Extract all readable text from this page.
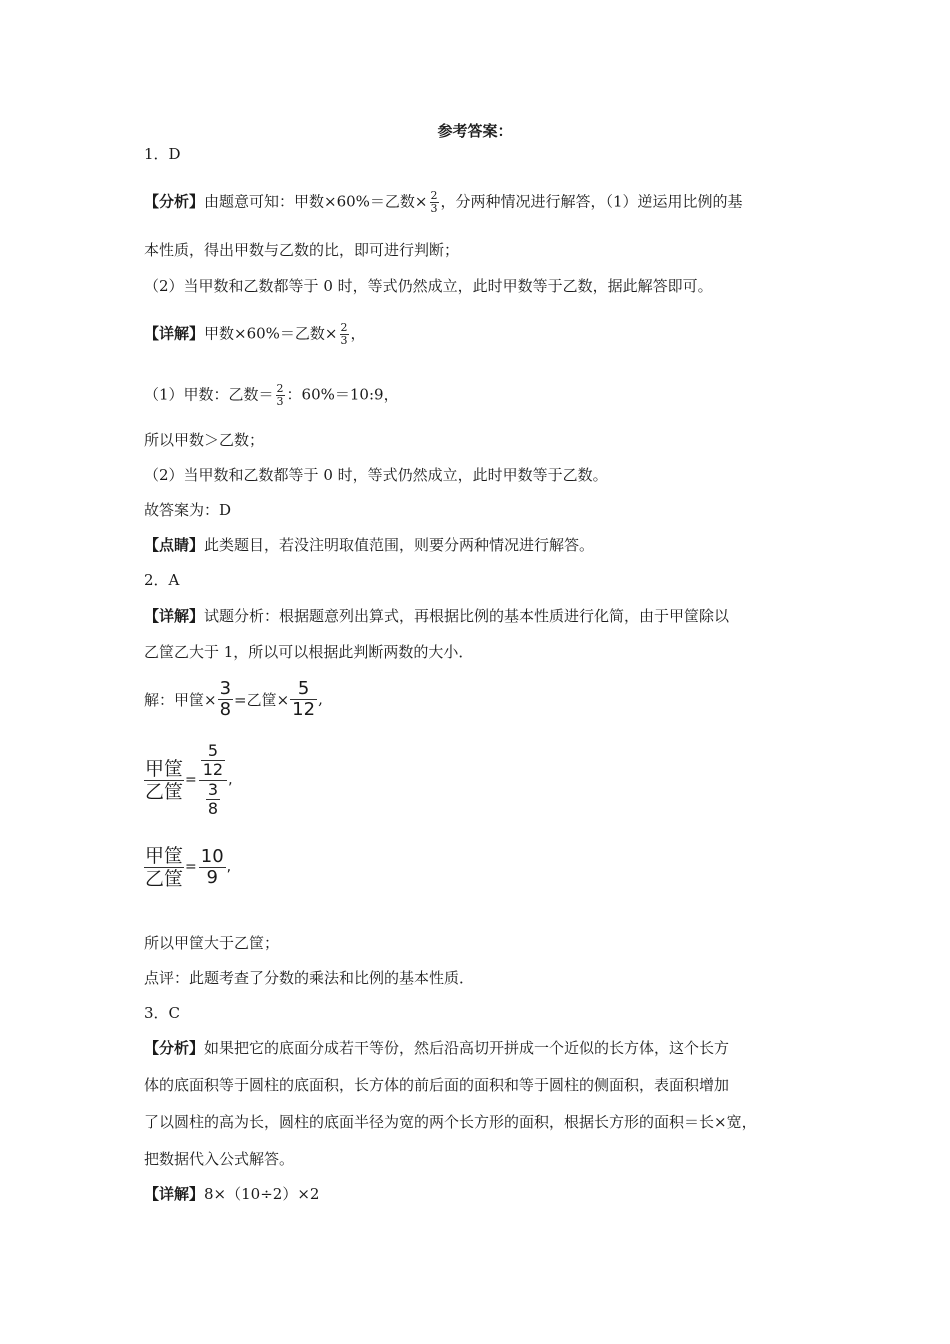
参考答案：
1．D
【分析】由题意可知：甲数×60%＝乙数× $\frac{2}{3}$ ，分两种情况进行解答，（1）逆运用比例的基
本性质，得出甲数与乙数的比，即可进行判断；
（2）当甲数和乙数都等于 0 时，等式仍然成立，此时甲数等于乙数，据此解答即可。
【详解】甲数×60%＝乙数× $\frac{2}{3}$ ，
（1）甲数：乙数＝ $\frac{2}{3}$ ：60%＝10:9，
所以甲数＞乙数；
（2）当甲数和乙数都等于 0 时，等式仍然成立，此时甲数等于乙数。
故答案为：D
【点睛】此类题目，若没注明取值范围，则要分两种情况进行解答。
2．A
【详解】试题分析：根据题意列出算式，再根据比例的基本性质进行化简，由于甲筐除以
乙筐乙大于 1，所以可以根据此判断两数的大小．
解：甲筐× $\frac{3}{8}$ =乙筐× $\frac{5}{12}$ ,
甲筐
乙筐
= $\frac{\frac{5}{12}}{\frac{3}{8}}$ ,
甲筐
乙筐
= $\frac{10}{9}$ ,
所以甲筐大于乙筐；
点评：此题考查了分数的乘法和比例的基本性质．
3．C
【分析】如果把它的底面分成若干等份，然后沿高切开拼成一个近似的长方体，这个长方
体的底面积等于圆柱的底面积，长方体的前后面的面积和等于圆柱的侧面积，表面积增加
了以圆柱的高为长，圆柱的底面半径为宽的两个长方形的面积，根据长方形的面积＝长×宽，
把数据代入公式解答。
【详解】8×（10÷2）×2
